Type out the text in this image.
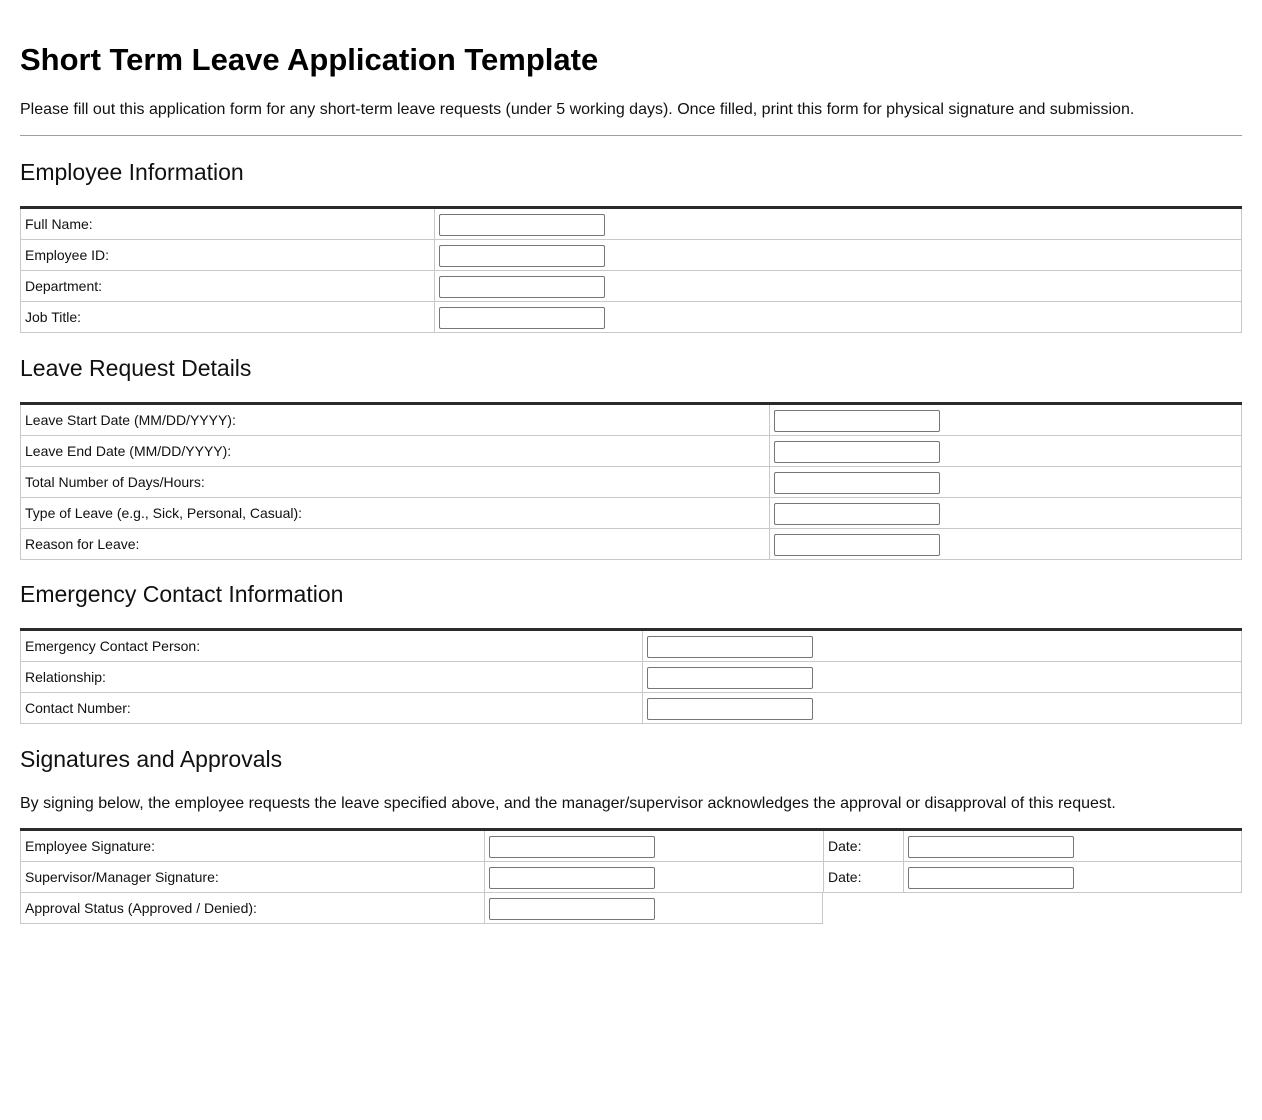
Short Term Leave Application Template

Please fill out this application form for any short-term leave requests (under 5 working days). Once filled, print this form for physical signature and submission.

Employee Information
Full Name:
Employee ID:
Department:
Job Title:
Leave Request Details
Leave Start Date (MM/DD/YYYY):
Leave End Date (MM/DD/YYYY):
Total Number of Days/Hours:
Type of Leave (e.g., Sick, Personal, Casual):
Reason for Leave:
Emergency Contact Information
Emergency Contact Person:
Relationship:
Contact Number:
Signatures and Approvals

By signing below, the employee requests the leave specified above, and the manager/supervisor acknowledges the approval or disapproval of this request.

Employee Signature:	Date:
Supervisor/Manager Signature:	Date:
Approval Status (Approved / Denied):
